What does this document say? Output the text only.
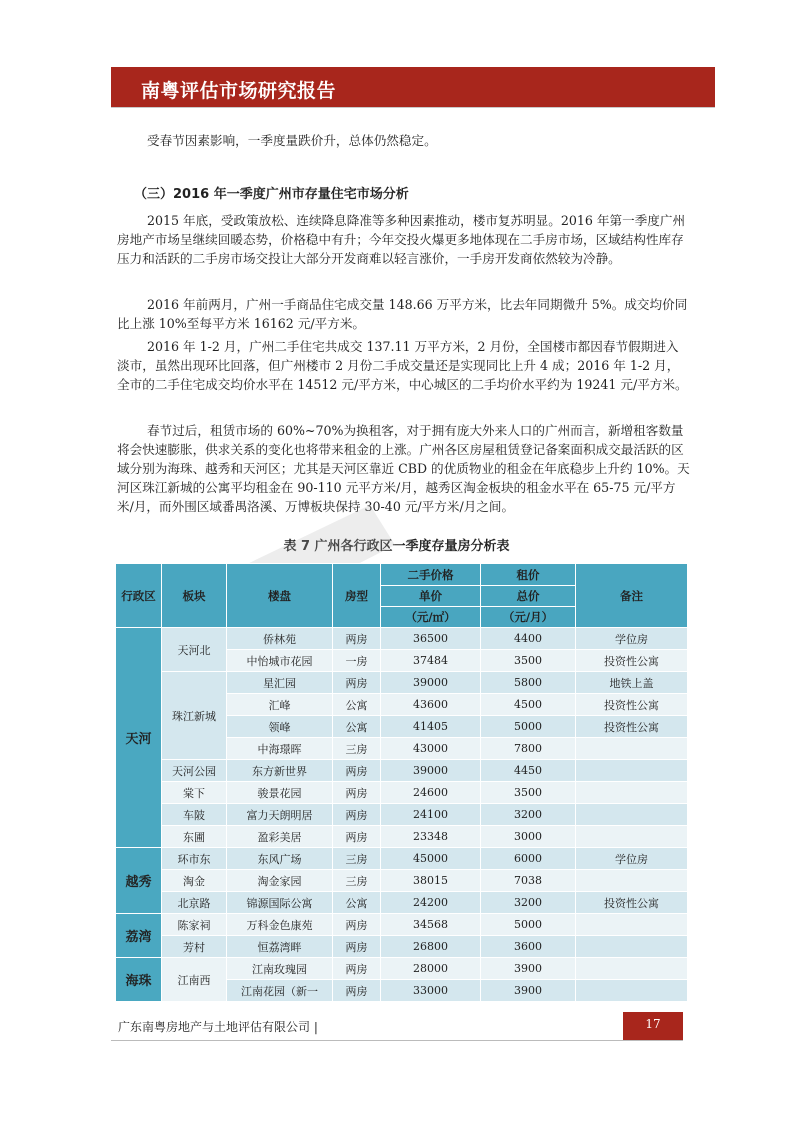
南粤评估市场研究报告

受春节因素影响，一季度量跌价升，总体仍然稳定。

（三）2016 年一季度广州市存量住宅市场分析

2015 年底，受政策放松、连续降息降准等多种因素推动，楼市复苏明显。2016 年第一季度广州房地产市场呈继续回暖态势，价格稳中有升；今年交投火爆更多地体现在二手房市场，区域结构性库存压力和活跃的二手房市场交投让大部分开发商难以轻言涨价，一手房开发商依然较为冷静。

2016 年前两月，广州一手商品住宅成交量 148.66 万平方米，比去年同期微升 5%。成交均价同比上涨 10%至每平方米 16162 元/平方米。

2016 年 1-2 月，广州二手住宅共成交 137.11 万平方米，2 月份，全国楼市都因春节假期进入淡市，虽然出现环比回落，但广州楼市 2 月份二手成交量还是实现同比上升 4 成；2016 年 1-2 月，全市的二手住宅成交均价水平在 14512 元/平方米，中心城区的二手均价水平约为 19241 元/平方米。

春节过后，租赁市场的 60%~70%为换租客，对于拥有庞大外来人口的广州而言，新增租客数量将会快速膨胀，供求关系的变化也将带来租金的上涨。广州各区房屋租赁登记备案面积成交最活跃的区域分别为海珠、越秀和天河区；尤其是天河区靠近 CBD 的优质物业的租金在年底稳步上升约 10%。天河区珠江新城的公寓平均租金在 90-110 元平方米/月，越秀区淘金板块的租金水平在 65-75 元/平方米/月，而外围区域番禺洛溪、万博板块保持 30-40 元/平方米/月之间。

表 7 广州各行政区一季度存量房分析表
行政区	板块	楼盘	房型	二手价格	租价	备注
				单价	总价	
				（元/㎡）	（元/月）	
天河	天河北	侨林苑	两房	36500	4400	学位房
		中怡城市花园	一房	37484	3500	投资性公寓
	珠江新城	星汇园	两房	39000	5800	地铁上盖
		汇峰	公寓	43600	4500	投资性公寓
		领峰	公寓	41405	5000	投资性公寓
		中海璟晖	三房	43000	7800	
	天河公园	东方新世界	两房	39000	4450	
	棠下	骏景花园	两房	24600	3500	
	车陂	富力天朗明居	两房	24100	3200	
	东圃	盈彩美居	两房	23348	3000	
越秀	环市东	东风广场	三房	45000	6000	学位房
	淘金	淘金家园	三房	38015	7038	
	北京路	锦源国际公寓	公寓	24200	3200	投资性公寓
荔湾	陈家祠	万科金色康苑	两房	34568	5000	
	芳村	恒荔湾畔	两房	26800	3600	
海珠	江南西	江南玫瑰园	两房	28000	3900	
		江南花园（新一	两房	33000	3900	
广东南粤房地产与土地评估有限公司 |	17
